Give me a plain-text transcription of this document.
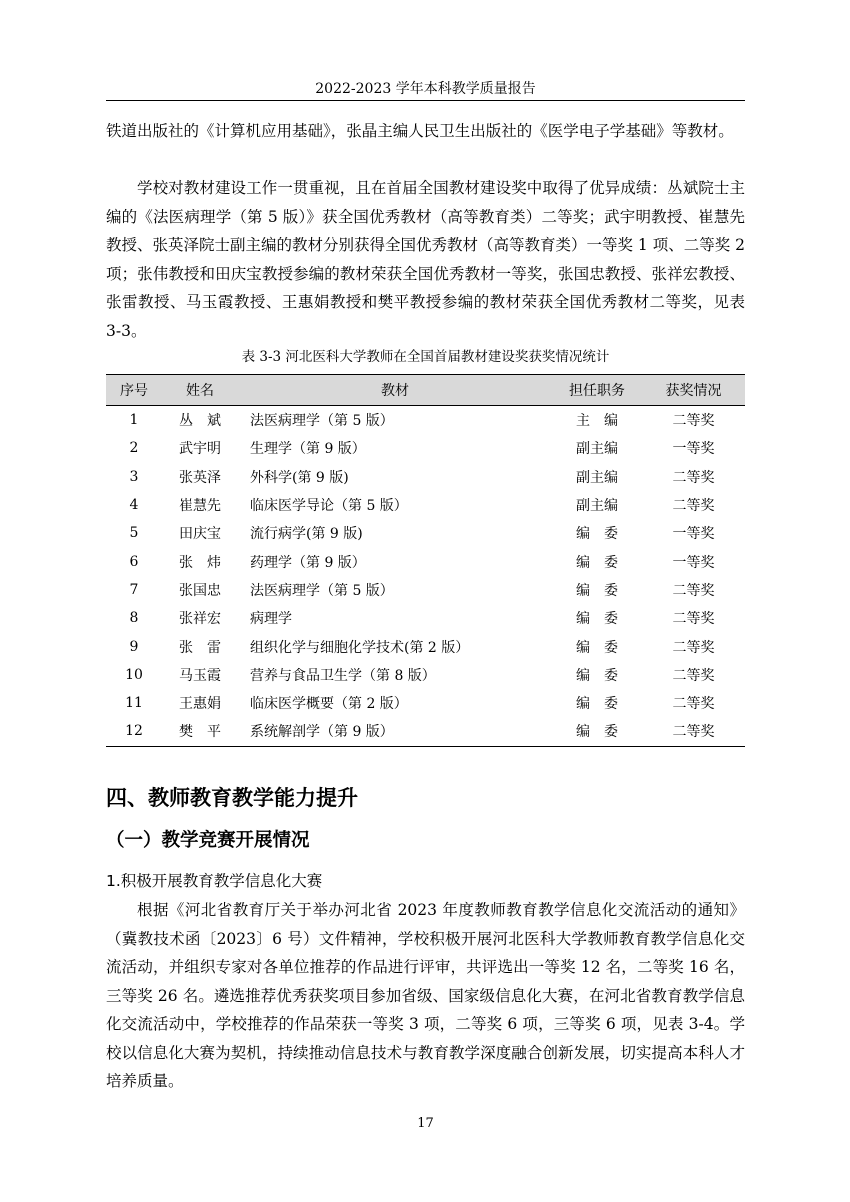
2022-2023 学年本科教学质量报告

铁道出版社的《计算机应用基础》，张晶主编人民卫生出版社的《医学电子学基础》等教材。

学校对教材建设工作一贯重视，且在首届全国教材建设奖中取得了优异成绩：丛斌院士主编的《法医病理学（第 5 版）》获全国优秀教材（高等教育类）二等奖；武宇明教授、崔慧先教授、张英泽院士副主编的教材分别获得全国优秀教材（高等教育类）一等奖 1 项、二等奖 2 项；张伟教授和田庆宝教授参编的教材荣获全国优秀教材一等奖，张国忠教授、张祥宏教授、张雷教授、马玉霞教授、王惠娟教授和樊平教授参编的教材荣获全国优秀教材二等奖，见表 3-3。

表 3-3 河北医科大学教师在全国首届教材建设奖获奖情况统计
序号	姓名	教材	担任职务	获奖情况
1	丛　斌	法医病理学（第 5 版）	主　编	二等奖
2	武宇明	生理学（第 9 版）	副主编	一等奖
3	张英泽	外科学(第 9 版)	副主编	二等奖
4	崔慧先	临床医学导论（第 5 版）	副主编	二等奖
5	田庆宝	流行病学(第 9 版)	编　委	一等奖
6	张　炜	药理学（第 9 版）	编　委	一等奖
7	张国忠	法医病理学（第 5 版）	编　委	二等奖
8	张祥宏	病理学	编　委	二等奖
9	张　雷	组织化学与细胞化学技术(第 2 版）	编　委	二等奖
10	马玉霞	营养与食品卫生学（第 8 版）	编　委	二等奖
11	王惠娟	临床医学概要（第 2 版）	编　委	二等奖
12	樊　平	系统解剖学（第 9 版）	编　委	二等奖
四、教师教育教学能力提升
（一）教学竞赛开展情况
1.积极开展教育教学信息化大赛

根据《河北省教育厅关于举办河北省 2023 年度教师教育教学信息化交流活动的通知》（冀教技术函〔2023〕6 号）文件精神，学校积极开展河北医科大学教师教育教学信息化交流活动，并组织专家对各单位推荐的作品进行评审，共评选出一等奖 12 名，二等奖 16 名，三等奖 26 名。遴选推荐优秀获奖项目参加省级、国家级信息化大赛，在河北省教育教学信息化交流活动中，学校推荐的作品荣获一等奖 3 项，二等奖 6 项，三等奖 6 项，见表 3-4。学校以信息化大赛为契机，持续推动信息技术与教育教学深度融合创新发展，切实提高本科人才培养质量。

17
